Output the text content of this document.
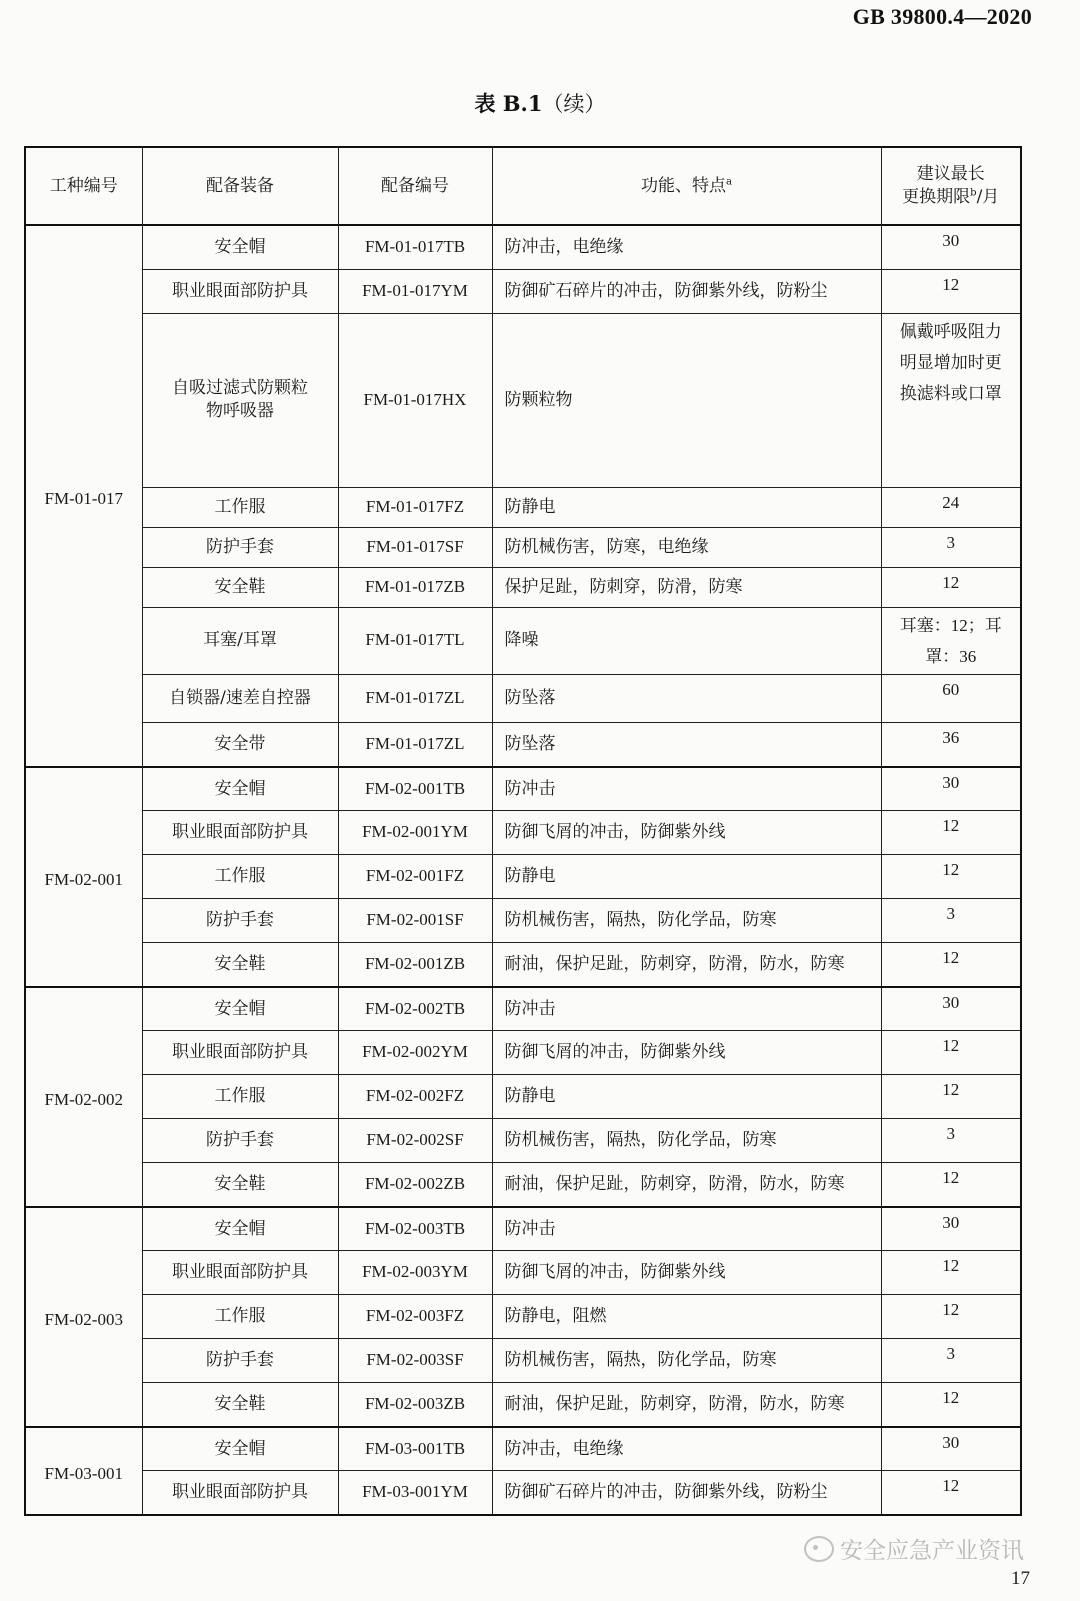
GB 39800.4—2020
表 B.1（续）
工种编号	配备装备	配备编号	功能、特点$^a$	建议最长
更换期限$^b$/月

FM-01-017	安全帽	FM-01-017TB	防冲击，电绝缘	30
	职业眼面部防护具	FM-01-017YM	防御矿石碎片的冲击，防御紫外线，防粉尘	12
	自吸过滤式防颗粒物呼吸器	FM-01-017HX	防颗粒物	佩戴呼吸阻力明显增加时更换滤料或口罩
	工作服	FM-01-017FZ	防静电	24
	防护手套	FM-01-017SF	防机械伤害，防寒，电绝缘	3
	安全鞋	FM-01-017ZB	保护足趾，防刺穿，防滑，防寒	12
	耳塞/耳罩	FM-01-017TL	降噪	耳塞：12；耳罩：36
	自锁器/速差自控器	FM-01-017ZL	防坠落	60
	安全带	FM-01-017ZL	防坠落	36

FM-02-001	安全帽	FM-02-001TB	防冲击	30
	职业眼面部防护具	FM-02-001YM	防御飞屑的冲击，防御紫外线	12
	工作服	FM-02-001FZ	防静电	12
	防护手套	FM-02-001SF	防机械伤害，隔热，防化学品，防寒	3
	安全鞋	FM-02-001ZB	耐油，保护足趾，防刺穿，防滑，防水，防寒	12

FM-02-002	安全帽	FM-02-002TB	防冲击	30
	职业眼面部防护具	FM-02-002YM	防御飞屑的冲击，防御紫外线	12
	工作服	FM-02-002FZ	防静电	12
	防护手套	FM-02-002SF	防机械伤害，隔热，防化学品，防寒	3
	安全鞋	FM-02-002ZB	耐油，保护足趾，防刺穿，防滑，防水，防寒	12

FM-02-003	安全帽	FM-02-003TB	防冲击	30
	职业眼面部防护具	FM-02-003YM	防御飞屑的冲击，防御紫外线	12
	工作服	FM-02-003FZ	防静电，阻燃	12
	防护手套	FM-02-003SF	防机械伤害，隔热，防化学品，防寒	3
	安全鞋	FM-02-003ZB	耐油，保护足趾，防刺穿，防滑，防水，防寒	12

FM-03-001	安全帽	FM-03-001TB	防冲击，电绝缘	30
	职业眼面部防护具	FM-03-001YM	防御矿石碎片的冲击，防御紫外线，防粉尘	12
安全应急产业资讯
17
